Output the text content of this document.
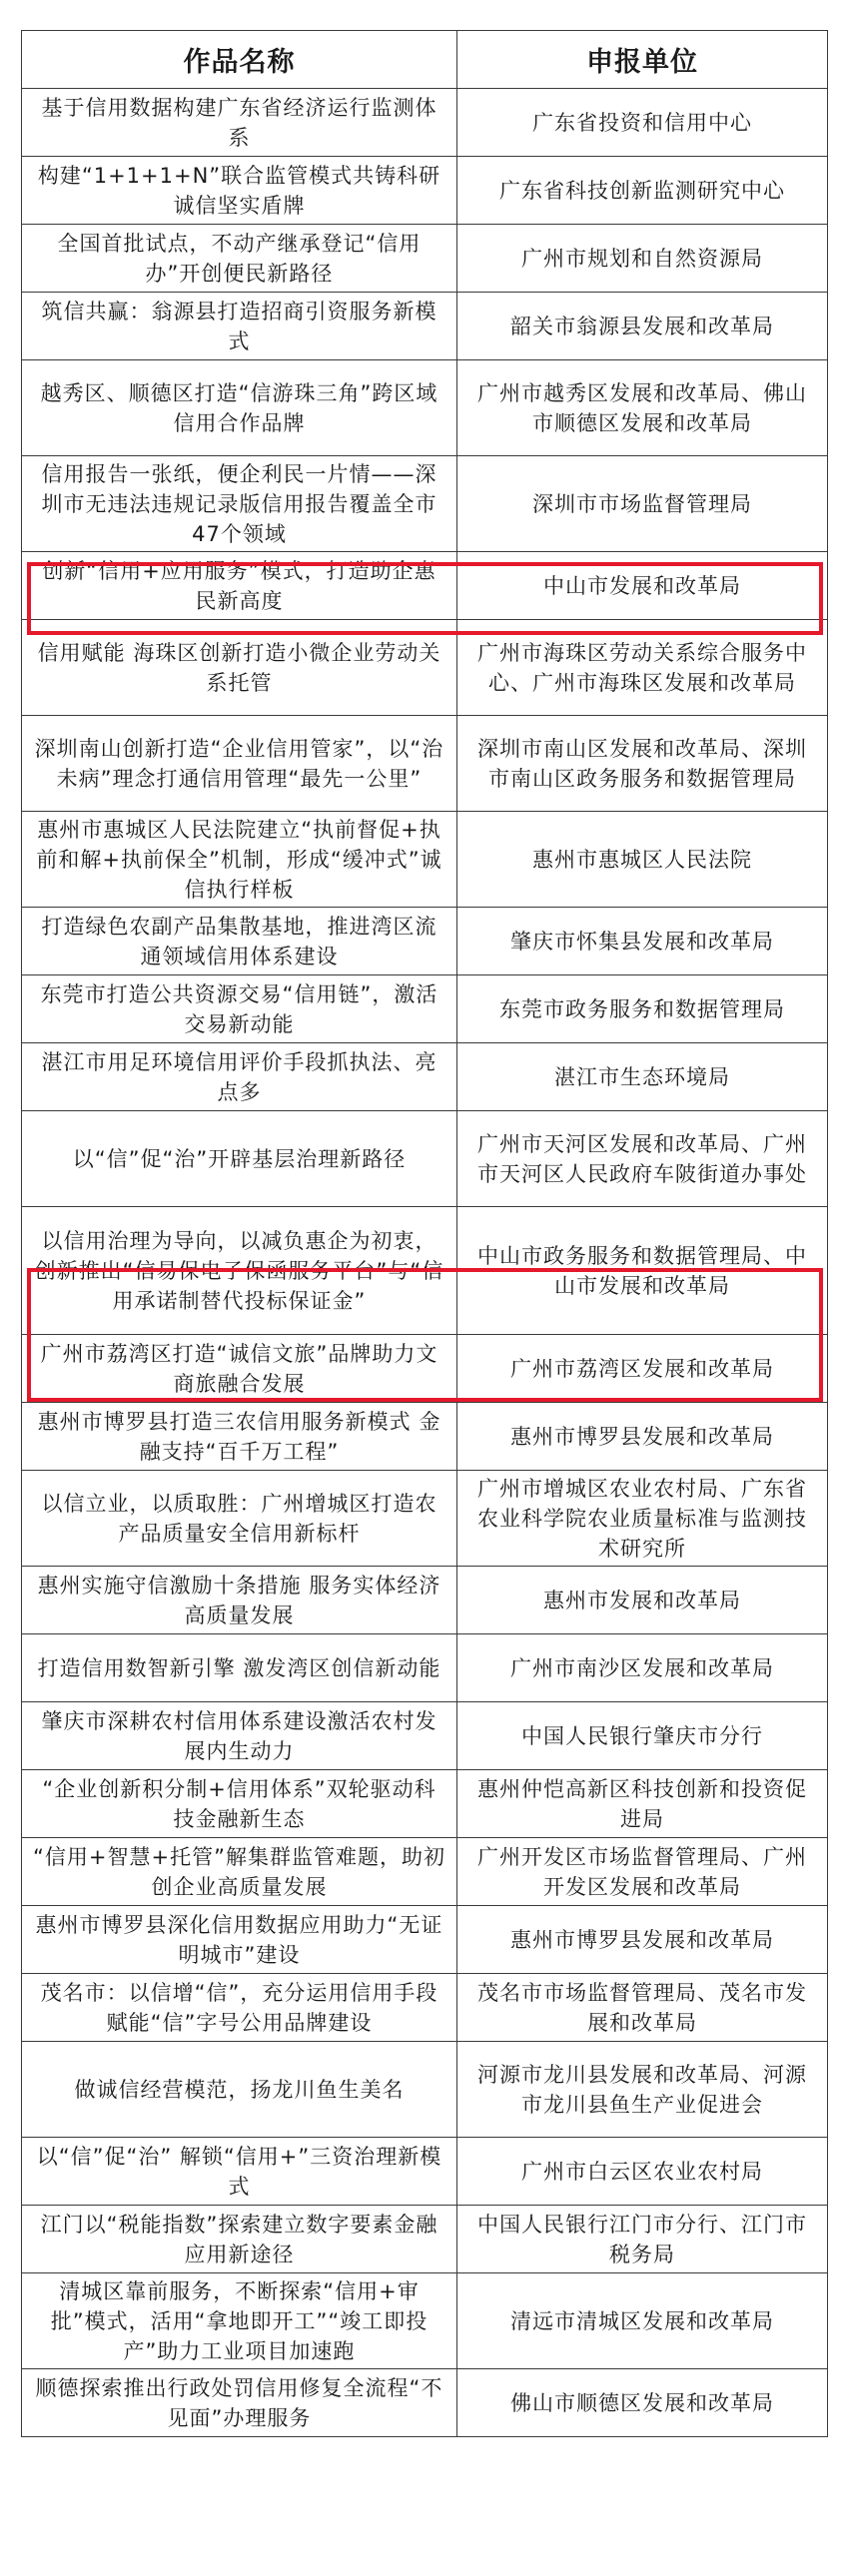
作品名称	申报单位
基于信用数据构建广东省经济运行监测体系	广东省投资和信用中心
构建“1+1+1+N”联合监管模式共铸科研诚信坚实盾牌	广东省科技创新监测研究中心
全国首批试点，不动产继承登记“信用办”开创便民新路径	广州市规划和自然资源局
筑信共赢：翁源县打造招商引资服务新模式	韶关市翁源县发展和改革局
越秀区、顺德区打造“信游珠三角”跨区域信用合作品牌	广州市越秀区发展和改革局、佛山市顺德区发展和改革局
信用报告一张纸，便企利民一片情——深圳市无违法违规记录版信用报告覆盖全市47个领域	深圳市市场监督管理局
创新“信用+应用服务”模式，打造助企惠民新高度	中山市发展和改革局
信用赋能 海珠区创新打造小微企业劳动关系托管	广州市海珠区劳动关系综合服务中心、广州市海珠区发展和改革局
深圳南山创新打造“企业信用管家”，以“治未病”理念打通信用管理“最先一公里”	深圳市南山区发展和改革局、深圳市南山区政务服务和数据管理局
惠州市惠城区人民法院建立“执前督促+执前和解+执前保全”机制，形成“缓冲式”诚信执行样板	惠州市惠城区人民法院
打造绿色农副产品集散基地，推进湾区流通领域信用体系建设	肇庆市怀集县发展和改革局
东莞市打造公共资源交易“信用链”，激活交易新动能	东莞市政务服务和数据管理局
湛江市用足环境信用评价手段抓执法、亮点多	湛江市生态环境局
以“信”促“治”开辟基层治理新路径	广州市天河区发展和改革局、广州市天河区人民政府车陂街道办事处
以信用治理为导向，以减负惠企为初衷，创新推出“信易保电子保函服务平台”与“信用承诺制替代投标保证金”	中山市政务服务和数据管理局、中山市发展和改革局
广州市荔湾区打造“诚信文旅”品牌助力文商旅融合发展	广州市荔湾区发展和改革局
惠州市博罗县打造三农信用服务新模式 金融支持“百千万工程”	惠州市博罗县发展和改革局
以信立业，以质取胜：广州增城区打造农产品质量安全信用新标杆	广州市增城区农业农村局、广东省农业科学院农业质量标准与监测技术研究所
惠州实施守信激励十条措施 服务实体经济高质量发展	惠州市发展和改革局
打造信用数智新引擎 激发湾区创信新动能	广州市南沙区发展和改革局
肇庆市深耕农村信用体系建设激活农村发展内生动力	中国人民银行肇庆市分行
“企业创新积分制+信用体系”双轮驱动科技金融新生态	惠州仲恺高新区科技创新和投资促进局
“信用+智慧+托管”解集群监管难题，助初创企业高质量发展	广州开发区市场监督管理局、广州开发区发展和改革局
惠州市博罗县深化信用数据应用助力“无证明城市”建设	惠州市博罗县发展和改革局
茂名市：以信增“信”，充分运用信用手段赋能“信”字号公用品牌建设	茂名市市场监督管理局、茂名市发展和改革局
做诚信经营模范，扬龙川鱼生美名	河源市龙川县发展和改革局、河源市龙川县鱼生产业促进会
以“信”促“治” 解锁“信用+”三资治理新模式	广州市白云区农业农村局
江门以“税能指数”探索建立数字要素金融应用新途径	中国人民银行江门市分行、江门市税务局
清城区靠前服务，不断探索“信用+审批”模式，活用“拿地即开工”“竣工即投产”助力工业项目加速跑	清远市清城区发展和改革局
顺德探索推出行政处罚信用修复全流程“不见面”办理服务	佛山市顺德区发展和改革局
